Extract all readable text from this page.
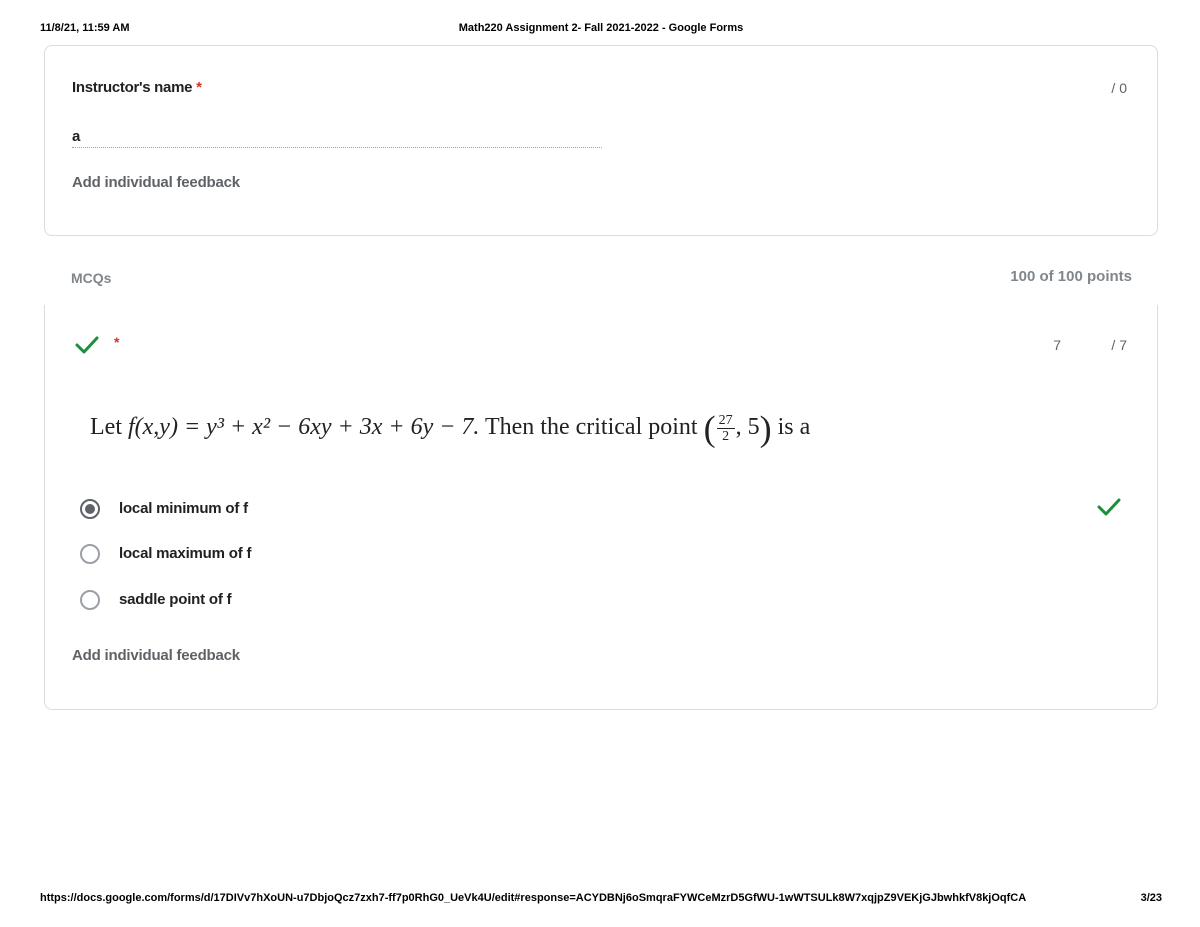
11/8/21, 11:59 AM	Math220 Assignment 2- Fall 2021-2022 - Google Forms
Instructor's name *	/ 0
a
Add individual feedback
MCQs	100 of 100 points
*	7	/ 7
Let f(x,y) = y³ + x² − 6xy + 3x + 6y − 7. Then the critical point ( $\frac{27}{2}$ , 5) is a
local minimum of f
local maximum of f
saddle point of f
Add individual feedback
https://docs.google.com/forms/d/17DIVv7hXoUN-u7DbjoQcz7zxh7-ff7p0RhG0_UeVk4U/edit#response=ACYDBNj6oSmqraFYWCeMzrD5GfWU-1wWTSULk8W7xqjpZ9VEKjGJbwhkfV8kjOqfCA	3/23
